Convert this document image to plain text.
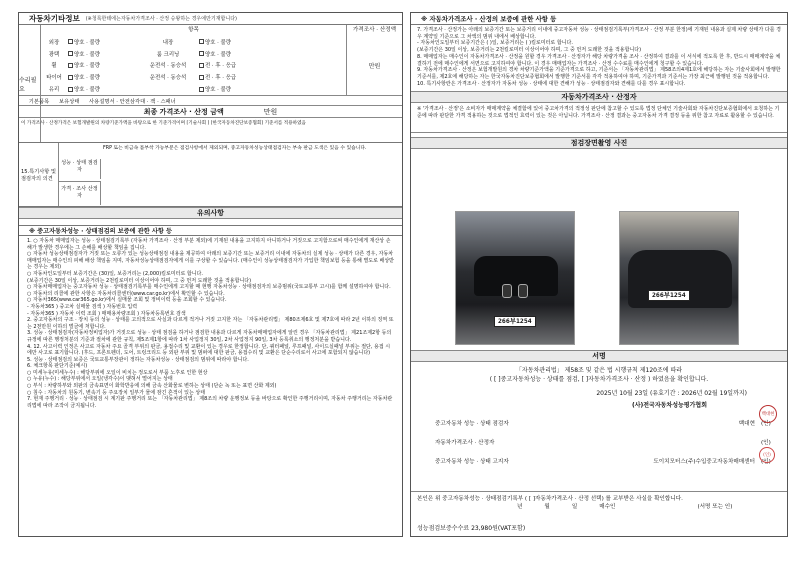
자동차기타정보 (※청록한테에는자동차가격조사 · 산정 승왕하는 경우에만기재합니다)
수리필요
항목	가격조사 · 산정액
외장	양호 · 불량	내장	양호 · 불량
광택	양호 · 불량	룸 크리닝	양호 · 불량
휠	양호 · 불량	운전석 · 동승석	전 · 후 · 응급
타이어	양호 · 불량	운전석 · 동승석	전 · 후 · 응급
유리	양호 · 불량	양호 · 불량
만원
기본품목	보유상태	사용설명서 · 안전삼각대 · 잭 · 스패너
최종 가격조사 · 산정 금액	만원
이 가격조사 · 산정가격은 보험개발원의 차량기준가액을 바탕으로 한 기준가격이며 [기술사회 ] [한국자동차진단보증협회] 기준서를 적용하였음
FRP 또는 비금속 틀부착 가능부분은 점검사항에서 제외되며, 중고자동차성능상태점검자는 부속 판금 도색은 있음 수 있습니다.
15.특기사항 및 점검자의 의견
성능 · 상태 점검자
가격 · 조사 산정자
유의사항
※ 중고자동차성능 · 상태점검의 보증에 관한 사항 등
1. ○ 자동차 매매업자는 성능 · 상태점검기록부 (자동차 가격조사 · 산정 부분 제외)에 기재된 내용을 고지하지 아니하거나 거짓으로 고지함으로써 매수인에게 재산상 손해가 발생한 경우에는 그 손해를 배상할 책임을 집니다.
○ 자동차 성능상태점검자가 거짓 또는 오류가 있는 성능상태점검 내용을 제공하여 아래의 보증기간 또는 보증거리 이내에 자동차의 실제 성능 · 상태가 다른 경우, 자동차매매업자는 매수인의 피해 배상 책임을 지며, 자동차성능상태점검자에게 이를 구상할 수 있습니다. (매수인이 성능상태점검자가 가입한 책임보험 등을 통해 별도로 배상받는 경우는 제외)
○ 자동차인도일부터 보증기간은 (30)일, 보증거리는 (2,000)킬로미터로 합니다.
(보증기간은 30일 이상, 보증거리는 2천킬로미터 이상이어야 하며, 그 중 먼저 도래한 것을 적용합니다)
○ 자동차매매업자는 중고자동차 성능 · 상태점검기록부를 매수인에게 고지할 때 현행 자동차성능 · 상태점검자의 보증범위(국토교통부 고시)를 함께 설명하여야 합니다.
○ 자동차의 리콜에 관한 사항은 자동차리콜센터(www.car.go.kr)에서 확인할 수 있습니다.
○ 자동차365(www.car365.go.kr)에서 실매물 조회 및 정비이력 등을 조회할 수 있습니다.
- 자동차365 ) 중고차 실매물 검색 ) 자동번호 입력
- 자동차365 ) 자동차 이력 조회 ) 매매용차량조회 ) 자동차등록번호 검색
2. 중고자동차의 구조 · 장치 등의 성능 · 상태를 고의적으로 사실과 다르게 적거나 거짓 고지한 자는 「자동차관리법」 제80조제6호 및 제7호에 따라 2년 이하의 징역 또는 2천만원 이하의 벌금에 처합니다.
3. 성능 · 상태점검자(자동차정비업자)가 거짓으로 성능 · 상태 점검을 하거나 점검한 내용과 다르게 자동차매매업자에게 알린 경우 「자동차관리법」 제21조제2항 등의 규정에 따른 행정처분의 기준과 절차에 관한 규칙, 제5조제1항에 따라 1차 사업정지 30일, 2차 사업정지 90일, 3차 등록취소의 행정처분을 받습니다.
4. 12. 사고이력 인정은 사고로 자동차 주요 골격 부위의 판금, 용접수리 및 교환이 있는 경우로 한정합니다. 단, 쿼터패널, 루프패널, 사이드실패널 부위는 절단, 용접 시에만 사고로 표기합니다. (후드, 프론트펜더, 도어, 트렁크리드 등 외판 부위 및 범퍼에 대한 판금, 용접수리 및 교환은 단순수리로서 사고에 포함되지 않습니다)
5. 성능 · 상태점검의 보증은 국토교통부장관이 정하는 자동차성능 · 상태점검의 범위에 따라야 합니다.
6. 체크항목 판단기준(예시)
○ 미세누유(미세누수) : 해당부위에 오일이 비치는 정도로서 부품 노후로 인한 현상
○ 누유(누수) : 해당부위에서 오일(냉각수)이 맺혀서 떨어지는 상태
○ 부식 : 차량하부와 외판의 금속표면이 화학반응에 의해 금속 산화물로 변하는 상태 (단순 녹 또는 표면 산화 제외)
○ 침수 : 자동차의 원동기, 변속기 등 주요장치 일부가 물에 잠긴 흔적이 있는 상태
7. 현재 주행거리 · 성능 · 상태점검 시 계기판 주행거리 또는 「자동차관리법」 제8조의 차량 운행정보 등을 바탕으로 확인한 주행거리이며, 자동차 주행거리는 자동차관리법에 따라 조작이 금지됩니다.
※ 자동차가격조사 · 산정의 보증에 관한 사항 등
7. 가격조사 · 산정가는 아래의 보증기간 또는 보증거리 이내에 중고자동차 성능 · 상태점검기록부(가격조사 · 산정 부분 한정)에 기재된 내용과 실제 차량 상태가 다를 경우 계약일 기준으로 그 차액의 범위 내에서 배상합니다.
- 자동차인도일부터 보증기간은 ( )일, 보증거리는 ( )킬로미터로 합니다.
(보증기간은 30일 이상, 보증거리는 2천킬로미터 이상이어야 하며, 그 중 먼저 도래한 것을 적용합니다)
8. 매매업자는 매수인이 자동차가격조사 · 산정을 원할 경우 가격조사 · 산정자가 해당 차량가격을 조사 · 산정하여 결과를 이 서식에 적도록 한 후, 반드시 매매계약을 체결하기 전에 매수인에게 서면으로 고지하여야 합니다. 이 경우 매매업자는 가격조사 · 산정 수수료를 매수인에게 청구할 수 있습니다.
9. 자동차가격조사 · 산정은 보험개발원의 경차 차량기준가액을 기준가격으로 하고, 기준서는 「자동차관리법」 제58조의4제1호에 해당하는 자는 기술사회에서 발행한 기준서를, 제2호에 해당하는 자는 한국자동차진단보증협회에서 발행한 기준서를 각각 적용하여야 하며, 기준가격과 기준서는 가장 최근에 발행된 것을 적용합니다.
10. 특기사항란은 가격조사 · 산정자가 자동차 성능 · 상태에 대한 견해가 성능 · 상태점검자와 견해를 다를 경우 표시합니다.
자동차가격조사 · 산정자
※ '가격조사 · 산정'은 소비자가 매매계약을 체결함에 있어 중고차가격의 적정성 판단에 참고할 수 있도록 법정 단체인 기술사회와 자동차진단보증협회에서 요청하는 기준에 따라 판단한 가격 적용하는 것으로 법적인 효력이 있는 것은 아닙니다. 가격조사 · 산정 결과는 중고자동차 가격 결정 등을 위한 참고 자료로 활용할 수 있습니다.
점검장면촬영 사진
266부1254
266부1254
서명
「자동차관리법」 제58조 및 같은 법 시행규칙 제120조에 따라
( [ ]중고자동차성능 · 상태를 점검, [ ]자동차가격조사 · 산정 ) 하였음을 확인합니다.
2025년 10월 23일 (유효기간 : 2026년 02월 19일까지)
(사)전국자동차성능평가협회
중고자동차 성능 · 상태 점검자	백대현	(인)
자동차가격조사 · 산정자	(인)
중고자동차 성능 · 상태 고지자	도이치모터스(주)수입중고자동차매매센터	(인)
백대현
(인)
본인은 위 중고자동차성능 · 상태점검기록부 ( [ ]자동차가격조사 · 산정 선택) 를 교부받은 사실을 확인합니다.
년	월	일	매수인	(서명 또는 인)
성능점검보증수수료 23,980원(VAT포함)
